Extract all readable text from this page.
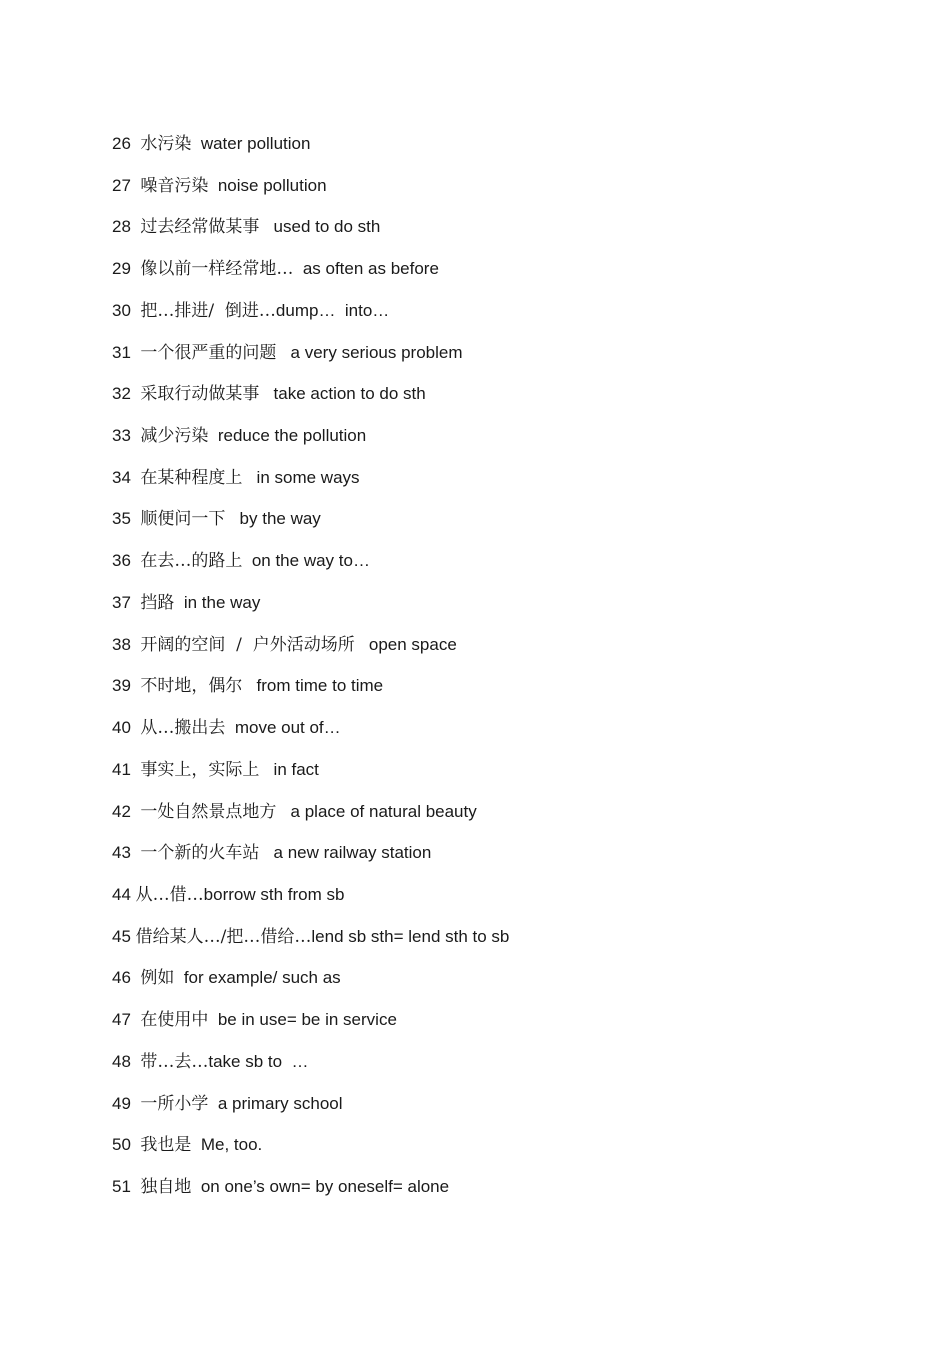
26 水污染 water pollution
27 噪音污染 noise pollution
28 过去经常做某事 used to do sth
29 像以前一样经常地… as often as before
30 把…排进/  倒进…dump…  into…
31 一个很严重的问题 a very serious problem
32 采取行动做某事 take action to do sth
33 减少污染 reduce the pollution
34 在某种程度上 in some ways
35 顺便问一下 by the way
36 在去…的路上 on the way to…
37 挡路 in the way
38 开阔的空间  /  户外活动场所 open space
39 不时地，偶尔 from time to time
40 从…搬出去 move out of…
41 事实上，实际上 in fact
42 一处自然景点地方 a place of natural beauty
43 一个新的火车站 a new railway station
44 从…借…borrow sth from sb
45 借给某人…/把…借给…lend sb sth= lend sth to sb
46 例如 for example/ such as
47 在使用中 be in use= be in service
48 带…去…take sb to  …
49 一所小学 a primary school
50 我也是 Me, too.
51 独自地 on one’s own= by oneself= alone
